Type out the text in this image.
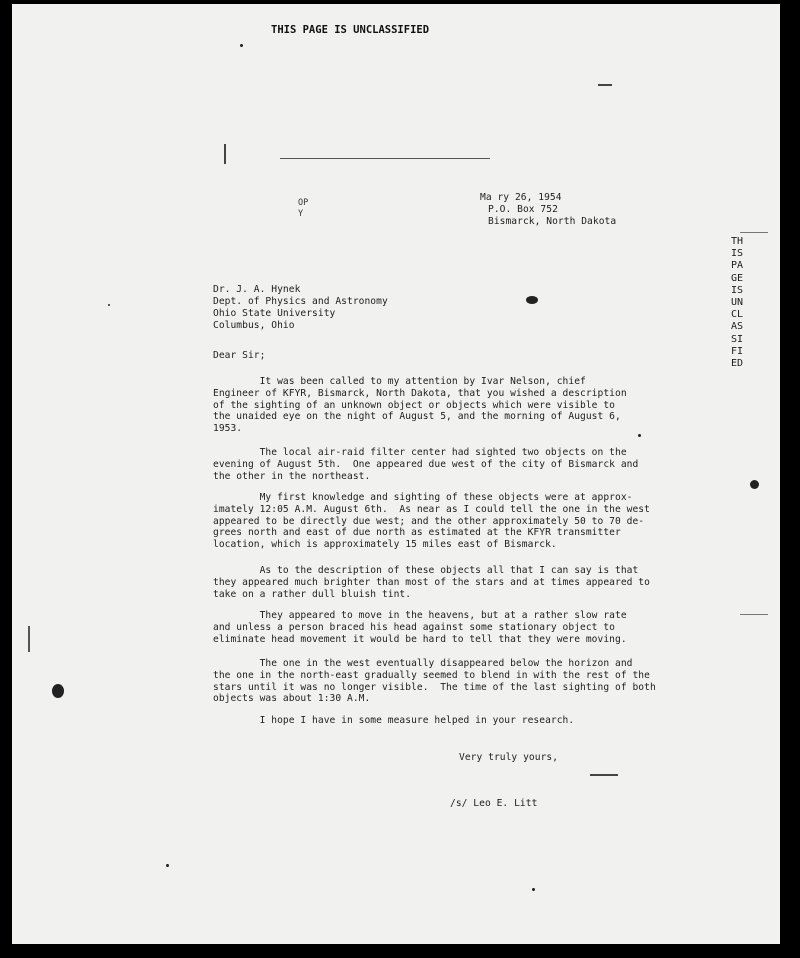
THIS PAGE IS UNCLASSIFIED
OPY
THIS PAGE IS UNCLASSIFIED
Ma ry 26, 1954
P.O. Box 752
Bismarck, North Dakota
Dr. J. A. Hynek
Dept. of Physics and Astronomy
Ohio State University
Columbus, Ohio
Dear Sir;
It was been called to my attention by Ivar Nelson, chief
Engineer of KFYR, Bismarck, North Dakota, that you wished a description
of the sighting of an unknown object or objects which were visible to
the unaided eye on the night of August 5, and the morning of August 6,
1953.
The local air-raid filter center had sighted two objects on the
evening of August 5th.  One appeared due west of the city of Bismarck and
the other in the northeast.
My first knowledge and sighting of these objects were at approx-
imately 12:05 A.M. August 6th.  As near as I could tell the one in the west
appeared to be directly due west; and the other approximately 50 to 70 de-
grees north and east of due north as estimated at the KFYR transmitter
location, which is approximately 15 miles east of Bismarck.
As to the description of these objects all that I can say is that
they appeared much brighter than most of the stars and at times appeared to
take on a rather dull bluish tint.
They appeared to move in the heavens, but at a rather slow rate
and unless a person braced his head against some stationary object to
eliminate head movement it would be hard to tell that they were moving.
The one in the west eventually disappeared below the horizon and
the one in the north-east gradually seemed to blend in with the rest of the
stars until it was no longer visible.  The time of the last sighting of both
objects was about 1:30 A.M.
I hope I have in some measure helped in your research.
Very truly yours,
/s/ Leo E. Litt
